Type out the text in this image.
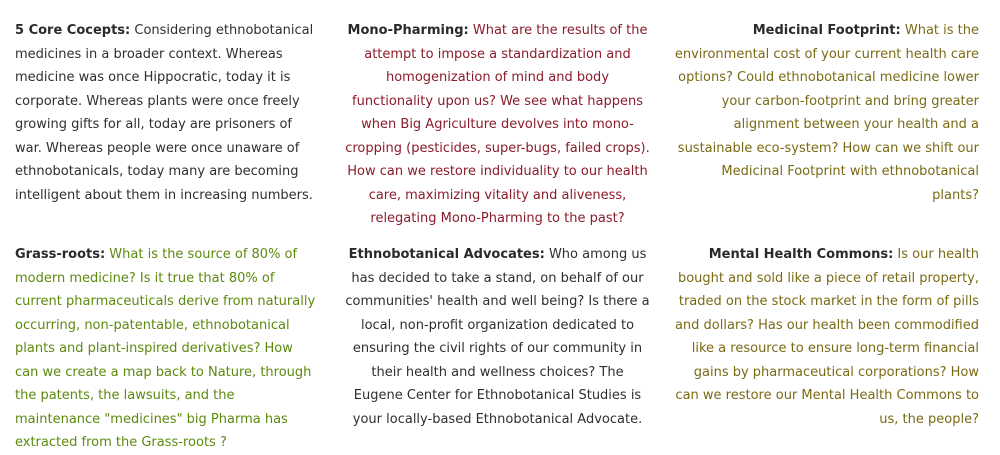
5 Core Cocepts: Considering ethnobotanical medicines in a broader context. Whereas medicine was once Hippocratic, today it is corporate. Whereas plants were once freely growing gifts for all, today are prisoners of war. Whereas people were once unaware of ethnobotanicals, today many are becoming intelligent about them in increasing numbers.

Mono-Pharming: What are the results of the attempt to impose a standardization and homogenization of mind and body functionality upon us? We see what happens when Big Agriculture devolves into mono-cropping (pesticides, super-bugs, failed crops). How can we restore individuality to our health care, maximizing vitality and aliveness, relegating Mono-Pharming to the past?

Medicinal Footprint: What is the environmental cost of your current health care options? Could ethnobotanical medicine lower your carbon-footprint and bring greater alignment between your health and a sustainable eco-system? How can we shift our Medicinal Footprint with ethnobotanical plants?

Grass-roots: What is the source of 80% of modern medicine? Is it true that 80% of current pharmaceuticals derive from naturally occurring, non-patentable, ethnobotanical plants and plant-inspired derivatives? How can we create a map back to Nature, through the patents, the lawsuits, and the maintenance "medicines" big Pharma has extracted from the Grass-roots ?

Ethnobotanical Advocates: Who among us has decided to take a stand, on behalf of our communities' health and well being? Is there a local, non-profit organization dedicated to ensuring the civil rights of our community in their health and wellness choices? The Eugene Center for Ethnobotanical Studies is your locally-based Ethnobotanical Advocate.

Mental Health Commons: Is our health bought and sold like a piece of retail property, traded on the stock market in the form of pills and dollars? Has our health been commodified like a resource to ensure long-term financial gains by pharmaceutical corporations? How can we restore our Mental Health Commons to us, the people?
